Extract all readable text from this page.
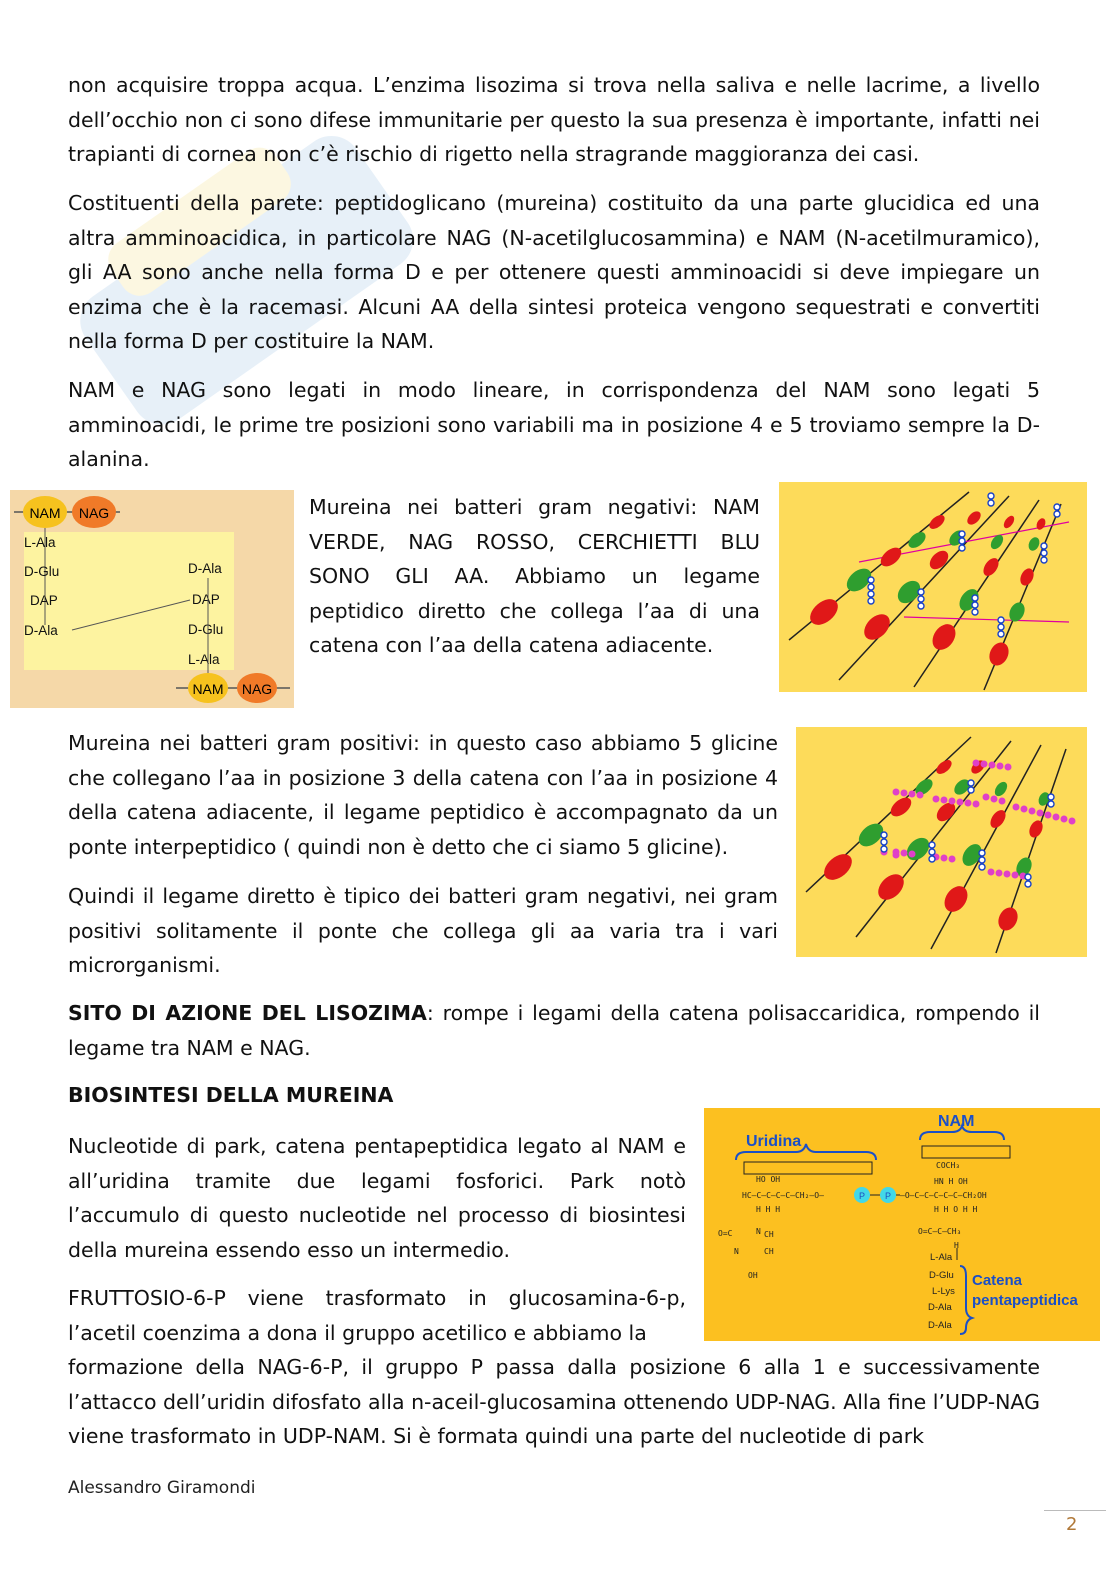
non acquisire troppa acqua. L’enzima lisozima si trova nella saliva e nelle lacrime, a livello dell’occhio non ci sono difese immunitarie per questo la sua presenza è importante, infatti nei trapianti di cornea non c’è rischio di rigetto nella stragrande maggioranza dei casi.
Costituenti della parete: peptidoglicano (mureina) costituito da una parte glucidica ed una altra amminoacidica, in particolare NAG (N-acetilglucosammina) e NAM (N-acetilmuramico), gli AA sono anche nella forma D e per ottenere questi amminoacidi si deve impiegare un enzima che è la racemasi. Alcuni AA della sintesi proteica vengono sequestrati e convertiti nella forma D per costituire la NAM.
NAM e NAG sono legati in modo lineare, in corrispondenza del NAM sono legati 5 amminoacidi, le prime tre posizioni sono variabili ma in posizione 4 e 5 troviamo sempre la D-alanina.
NAM NAG
L-Ala
D-Glu
DAP
D-Ala
D-Ala
DAP
D-Glu
L-Ala
NAM NAG
Mureina nei batteri gram negativi: NAM VERDE, NAG ROSSO, CERCHIETTI BLU SONO GLI AA. Abbiamo un legame peptidico diretto che collega l’aa di una catena con l’aa della catena adiacente.
Mureina nei batteri gram positivi: in questo caso abbiamo 5 glicine che collegano l’aa in posizione 3 della catena con l’aa in posizione 4 della catena adiacente, il legame peptidico è accompagnato da un ponte interpeptidico ( quindi non è detto che ci siamo 5 glicine).
Quindi il legame diretto è tipico dei batteri gram negativi, nei gram positivi solitamente il ponte che collega gli aa varia tra i vari microrganismi.
SITO DI AZIONE DEL LISOZIMA: rompe i legami della catena polisaccaridica, rompendo il legame tra NAM e NAG.
BIOSINTESI DELLA MUREINA
Nucleotide di park, catena pentapeptidica legato al NAM e all’uridina tramite due legami fosforici. Park notò l’accumulo di questo nucleotide nel processo di biosintesi della mureina essendo esso un intermedio.
FRUTTOSIO-6-P viene trasformato in glucosamina-6-p, l’acetil coenzima a dona il gruppo acetilico e abbiamo la
formazione della NAG-6-P, il gruppo P passa dalla posizione 6 alla 1 e successivamente l’attacco dell’uridin difosfato alla n-aceil-glucosamina ottenendo UDP-NAG. Alla fine l’UDP-NAG viene trasformato in UDP-NAM. Si è formata quindi una parte del nucleotide di park
Uridina
NAM
Catena
pentapeptidica
HO OH
HC—C—C—C—C—CH₂—O—
H H H
O=C	N CH
N	CH
OH
COCH₃
HN H OH
—O—C—C—C—C—C—CH₂OH
H H O H H
O=C—C—CH₃
H
P P
L-Ala
D-Glu
L-Lys
D-Ala
D-Ala
Alessandro Giramondi
2
